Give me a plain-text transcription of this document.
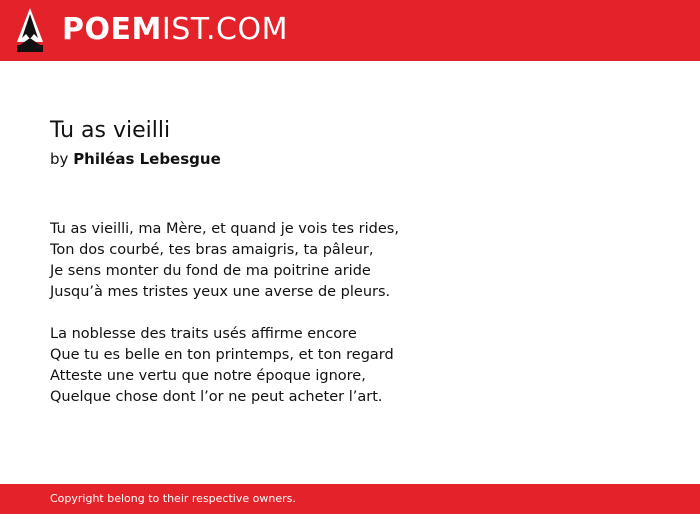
POEMIST.COM
Tu as vieilli
by Philéas Lebesgue
Tu as vieilli, ma Mère, et quand je vois tes rides,
Ton dos courbé, tes bras amaigris, ta pâleur,
Je sens monter du fond de ma poitrine aride
Jusqu’à mes tristes yeux une averse de pleurs.
La noblesse des traits usés affirme encore
Que tu es belle en ton printemps, et ton regard
Atteste une vertu que notre époque ignore,
Quelque chose dont l’or ne peut acheter l’art.
Copyright belong to their respective owners.
